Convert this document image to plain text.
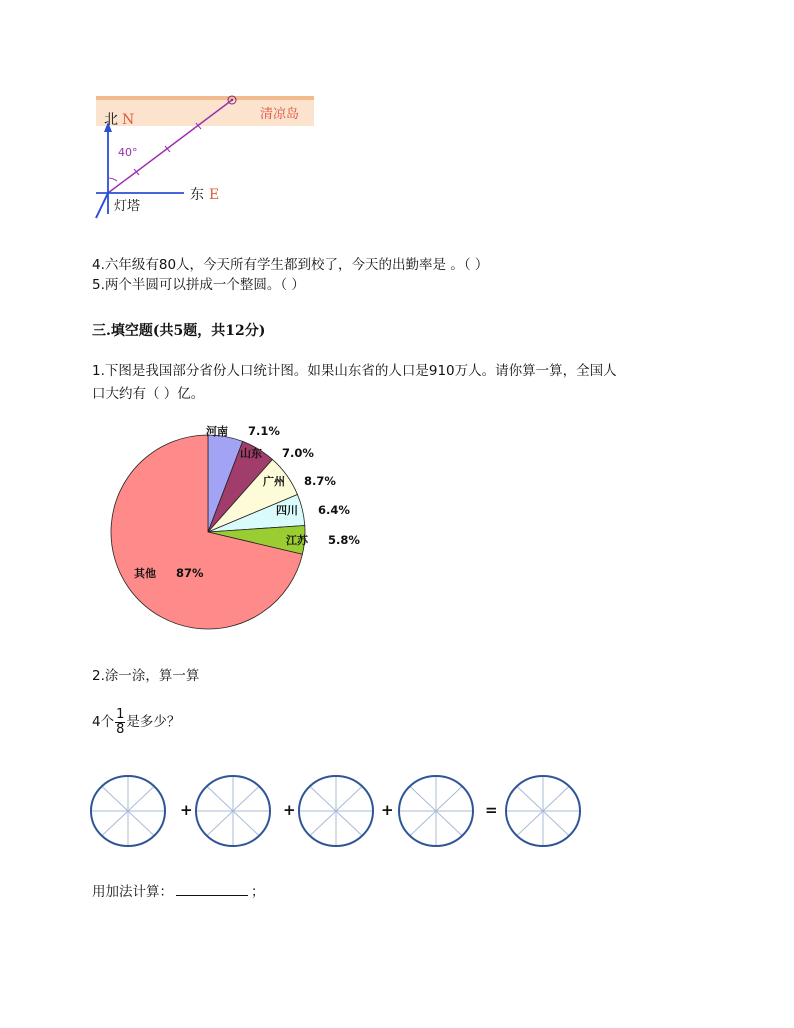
清凉岛
40°
北 N
东 E
灯塔
4.六年级有80人，今天所有学生都到校了，今天的出勤率是 。（ ）
5.两个半圆可以拼成一个整圆。（ ）
三.填空题(共5题，共12分)
1.下图是我国部分省份人口统计图。如果山东省的人口是910万人。请你算一算，全国人
口大约有（ ）亿。
河南 7.1%
山东 7.0%
广州 8.7%
四川 6.4%
江苏 5.8%
其他 87%
2.涂一涂，算一算
4个 $\frac{1}{8}$ 是多少？
+	+	+	=
用加法计算：	；
